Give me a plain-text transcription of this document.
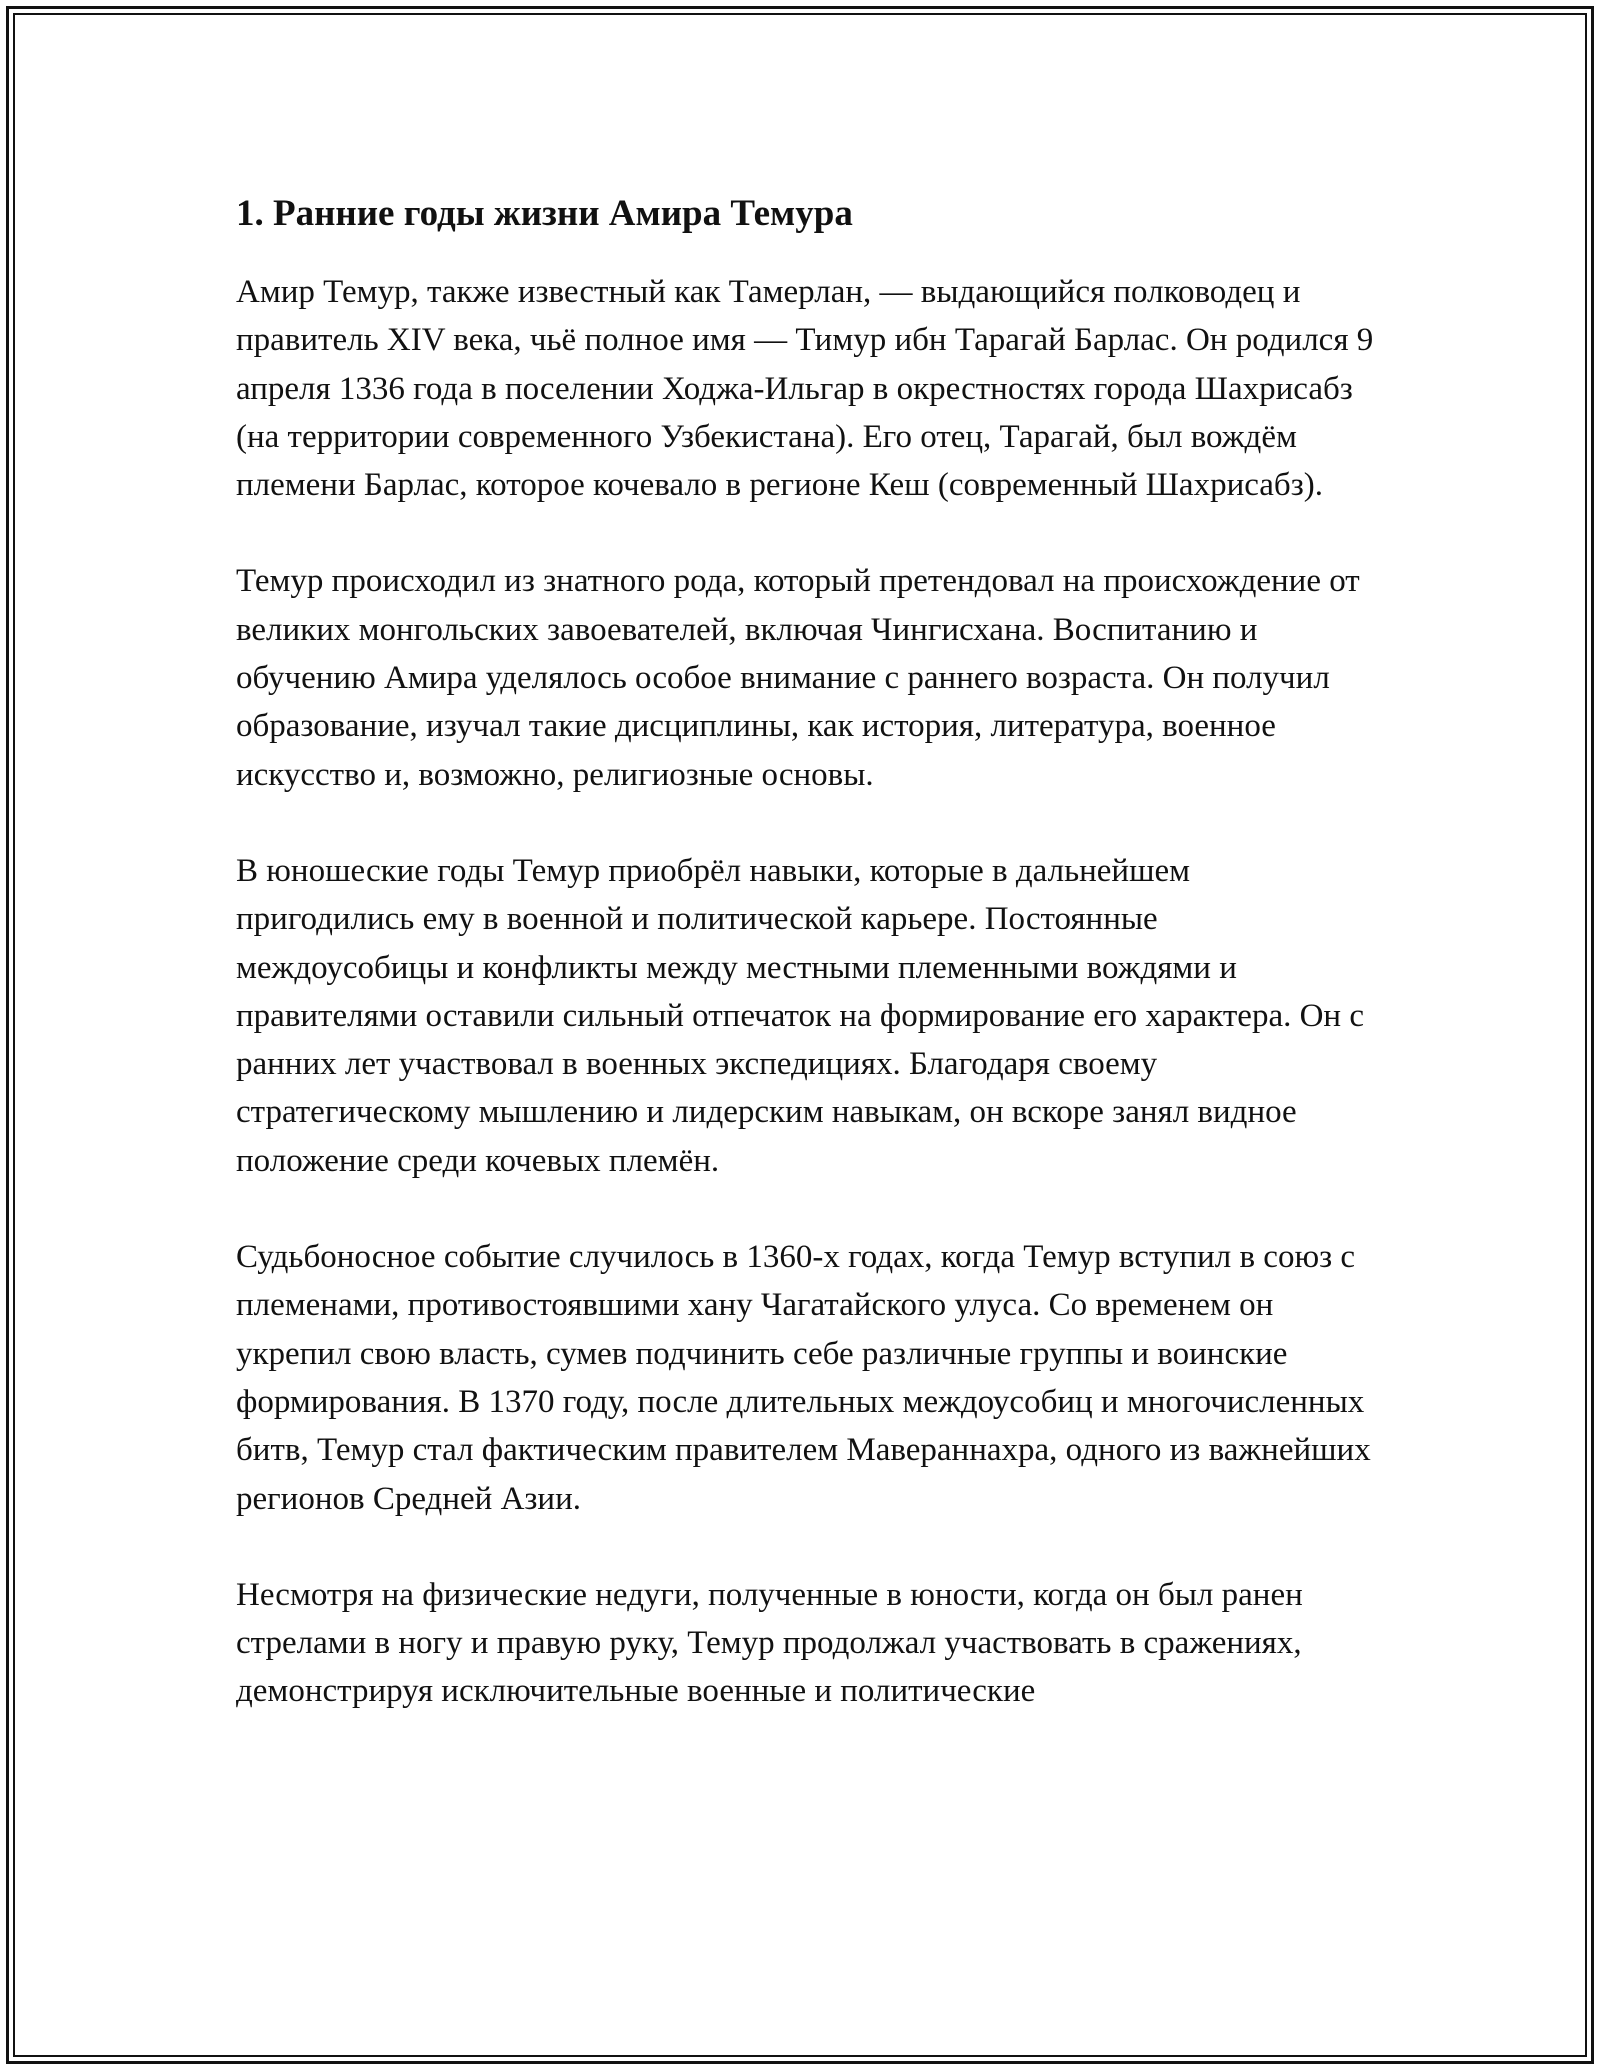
1. Ранние годы жизни Амира Темура

Амир Темур, также известный как Тамерлан, — выдающийся полководец и правитель XIV века, чьё полное имя — Тимур ибн Тарагай Барлас. Он родился 9 апреля 1336 года в поселении Ходжа-Ильгар в окрестностях города Шахрисабз (на территории современного Узбекистана). Его отец, Тарагай, был вождём племени Барлас, которое кочевало в регионе Кеш (современный Шахрисабз).

Темур происходил из знатного рода, который претендовал на происхождение от великих монгольских завоевателей, включая Чингисхана. Воспитанию и обучению Амира уделялось особое внимание с раннего возраста. Он получил образование, изучал такие дисциплины, как история, литература, военное искусство и, возможно, религиозные основы.

В юношеские годы Темур приобрёл навыки, которые в дальнейшем пригодились ему в военной и политической карьере. Постоянные междоусобицы и конфликты между местными племенными вождями и правителями оставили сильный отпечаток на формирование его характера. Он с ранних лет участвовал в военных экспедициях. Благодаря своему стратегическому мышлению и лидерским навыкам, он вскоре занял видное положение среди кочевых племён.

Судьбоносное событие случилось в 1360-х годах, когда Темур вступил в союз с племенами, противостоявшими хану Чагатайского улуса. Со временем он укрепил свою власть, сумев подчинить себе различные группы и воинские формирования. В 1370 году, после длительных междоусобиц и многочисленных битв, Темур стал фактическим правителем Мавераннахра, одного из важнейших регионов Средней Азии.

Несмотря на физические недуги, полученные в юности, когда он был ранен стрелами в ногу и правую руку, Темур продолжал участвовать в сражениях, демонстрируя исключительные военные и политические
